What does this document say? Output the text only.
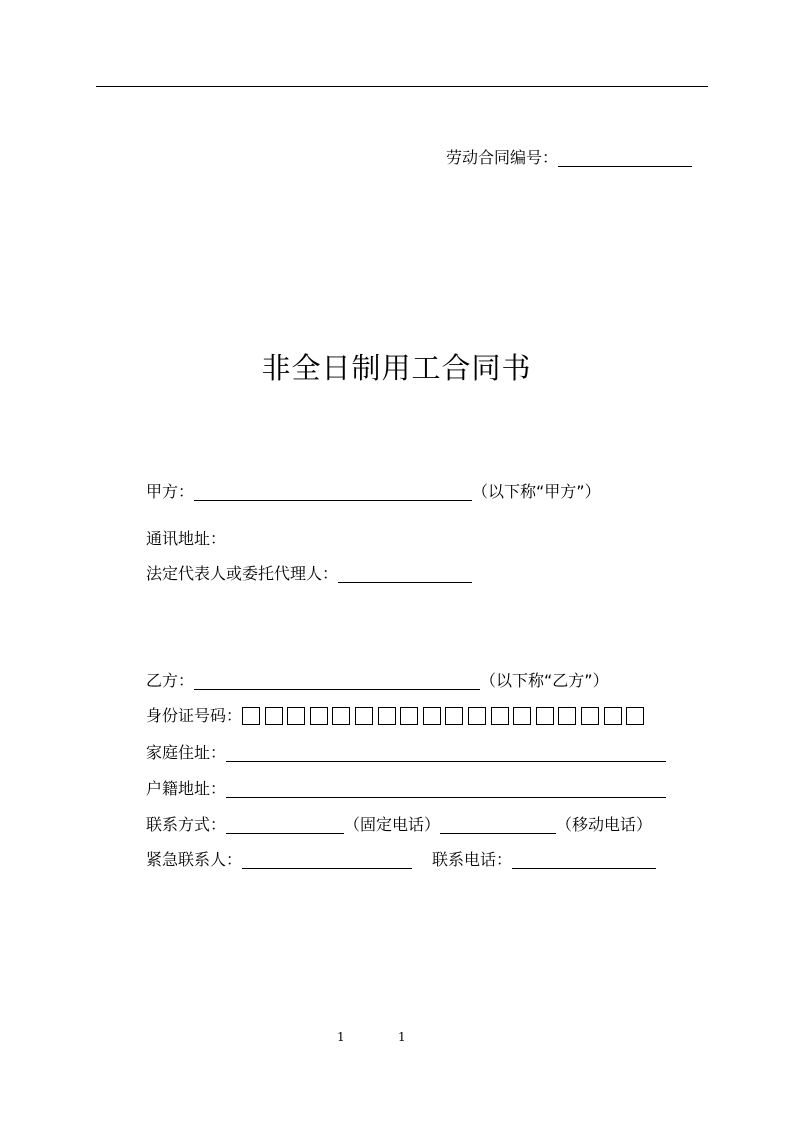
劳动合同编号：
非全日制用工合同书
甲方：	（以下称“甲方”）
通讯地址：
法定代表人或委托代理人：
乙方：	（以下称“乙方”）
身份证号码：
家庭住址：
户籍地址：
联系方式：	（固定电话）	（移动电话）
紧急联系人：	联系电话：
1	1
